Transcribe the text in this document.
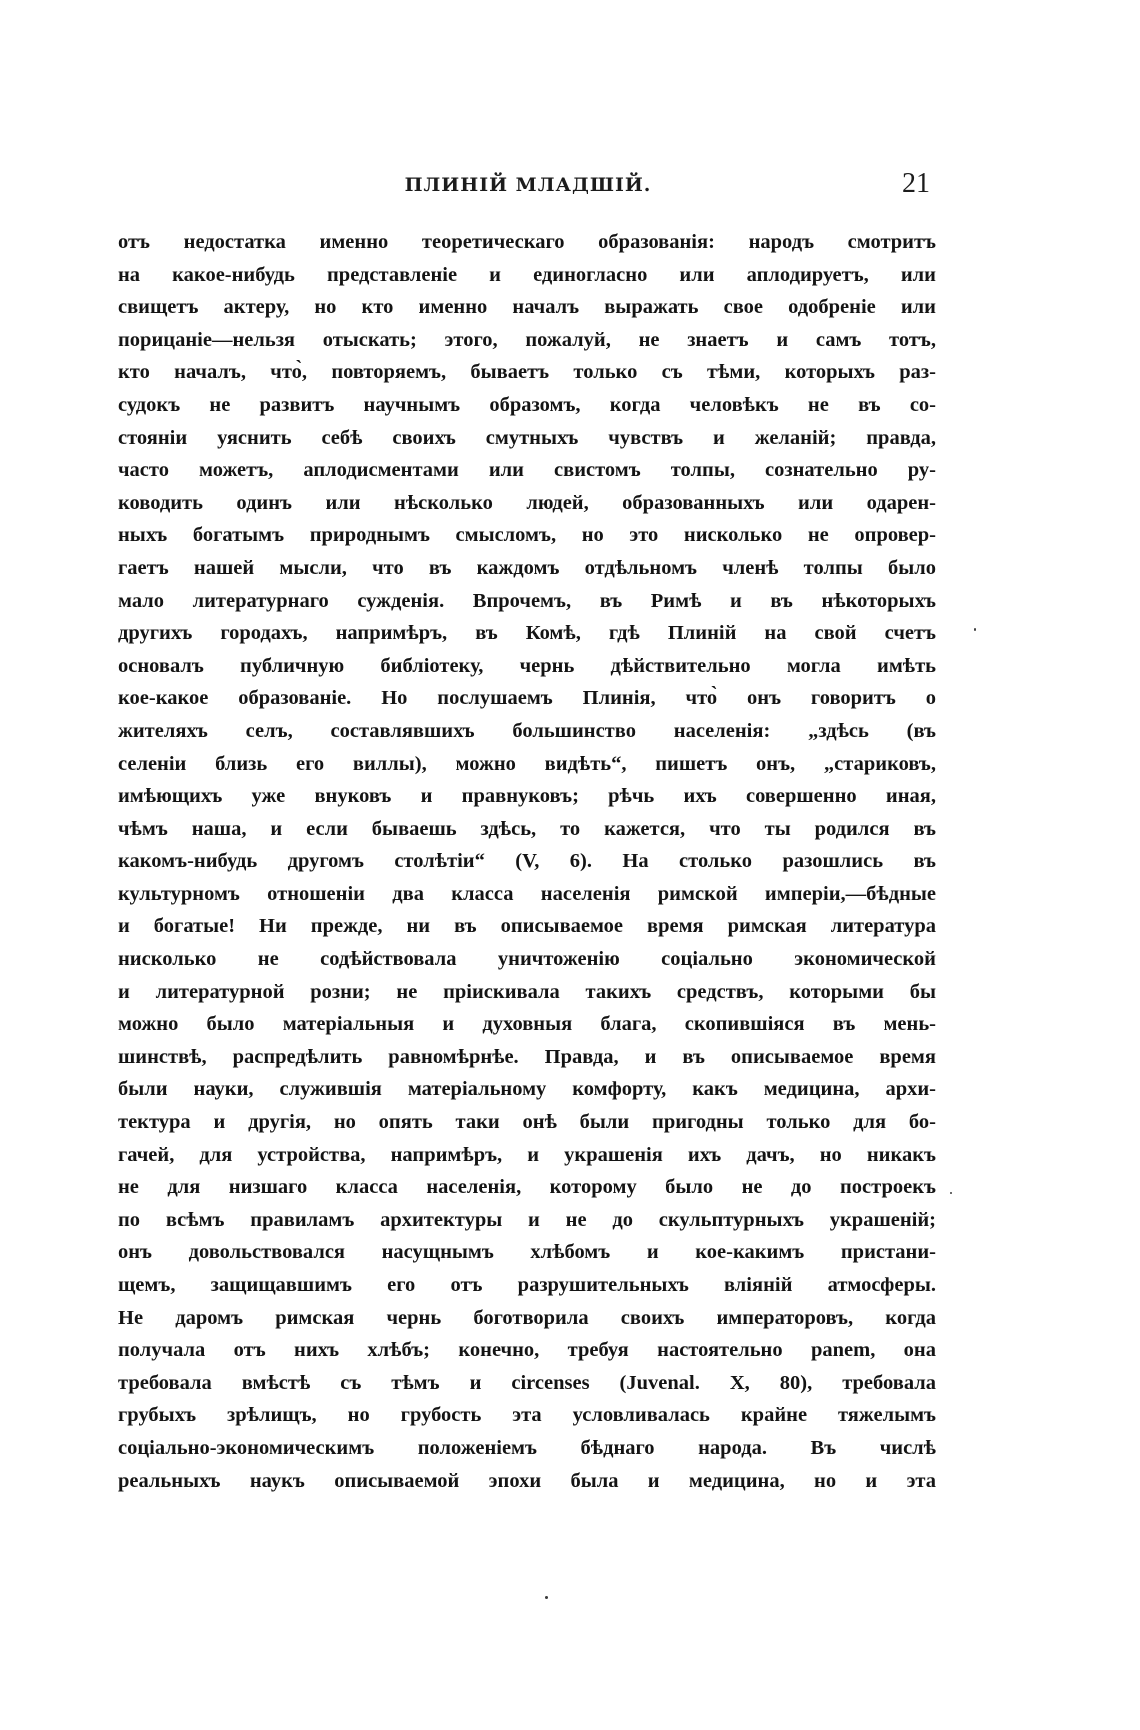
ПЛИНІЙ МЛАДШІЙ.	21
отъ недостатка именно теоретическаго образованія: народъ смотритъ
на какое-нибудь представленіе и единогласно или аплодируетъ, или
свищетъ актеру, но кто именно началъ выражать свое одобреніе или
порицаніе—нельзя отыскать; этого, пожалуй, не знаетъ и самъ тотъ,
кто началъ, что̀, повторяемъ, бываетъ только съ тѣми, которыхъ раз-
судокъ не развитъ научнымъ образомъ, когда человѣкъ не въ со-
стояніи уяснить себѣ своихъ смутныхъ чувствъ и желаній; правда,
часто можетъ, аплодисментами или свистомъ толпы, сознательно ру-
ководить одинъ или нѣсколько людей, образованныхъ или одарен-
ныхъ богатымъ природнымъ смысломъ, но это нисколько не опровер-
гаетъ нашей мысли, что въ каждомъ отдѣльномъ членѣ толпы было
мало литературнаго сужденія. Впрочемъ, въ Римѣ и въ нѣкоторыхъ
другихъ городахъ, напримѣръ, въ Комѣ, гдѣ Плиній на свой счетъ
основалъ публичную библіотеку, чернь дѣйствительно могла имѣть
кое-какое образованіе. Но послушаемъ Плинія, что̀ онъ говоритъ о
жителяхъ селъ, составлявшихъ большинство населенія: „здѣсь (въ
селеніи близь его виллы), можно видѣть“, пишетъ онъ, „стариковъ,
имѣющихъ уже внуковъ и правнуковъ; рѣчь ихъ совершенно иная,
чѣмъ наша, и если бываешь здѣсь, то кажется, что ты родился въ
какомъ-нибудь другомъ столѣтіи“ (V, 6). На столько разошлись въ
культурномъ отношеніи два класса населенія римской имперіи,—бѣдные
и богатые! Ни прежде, ни въ описываемое время римская литература
нисколько не содѣйствовала уничтоженію соціально экономической
и литературной розни; не пріискивала такихъ средствъ, которыми бы
можно было матеріальныя и духовныя блага, скопившіяся въ мень-
шинствѣ, распредѣлить равномѣрнѣе. Правда, и въ описываемое время
были науки, служившія матеріальному комфорту, какъ медицина, архи-
тектура и другія, но опять таки онѣ были пригодны только для бо-
гачей, для устройства, напримѣръ, и украшенія ихъ дачъ, но никакъ
не для низшаго класса населенія, которому было не до построекъ
по всѣмъ правиламъ архитектуры и не до скульптурныхъ украшеній;
онъ довольствовался насущнымъ хлѣбомъ и кое-какимъ пристани-
щемъ, защищавшимъ его отъ разрушительныхъ вліяній атмосферы.
Не даромъ римская чернь боготворила своихъ императоровъ, когда
получала отъ нихъ хлѣбъ; конечно, требуя настоятельно panem, она
требовала вмѣстѣ съ тѣмъ и circenses (Juvenal. X, 80), требовала
грубыхъ зрѣлищъ, но грубость эта условливалась крайне тяжелымъ
соціально-экономическимъ положеніемъ бѣднаго народа. Въ числѣ
реальныхъ наукъ описываемой эпохи была и медицина, но и эта
